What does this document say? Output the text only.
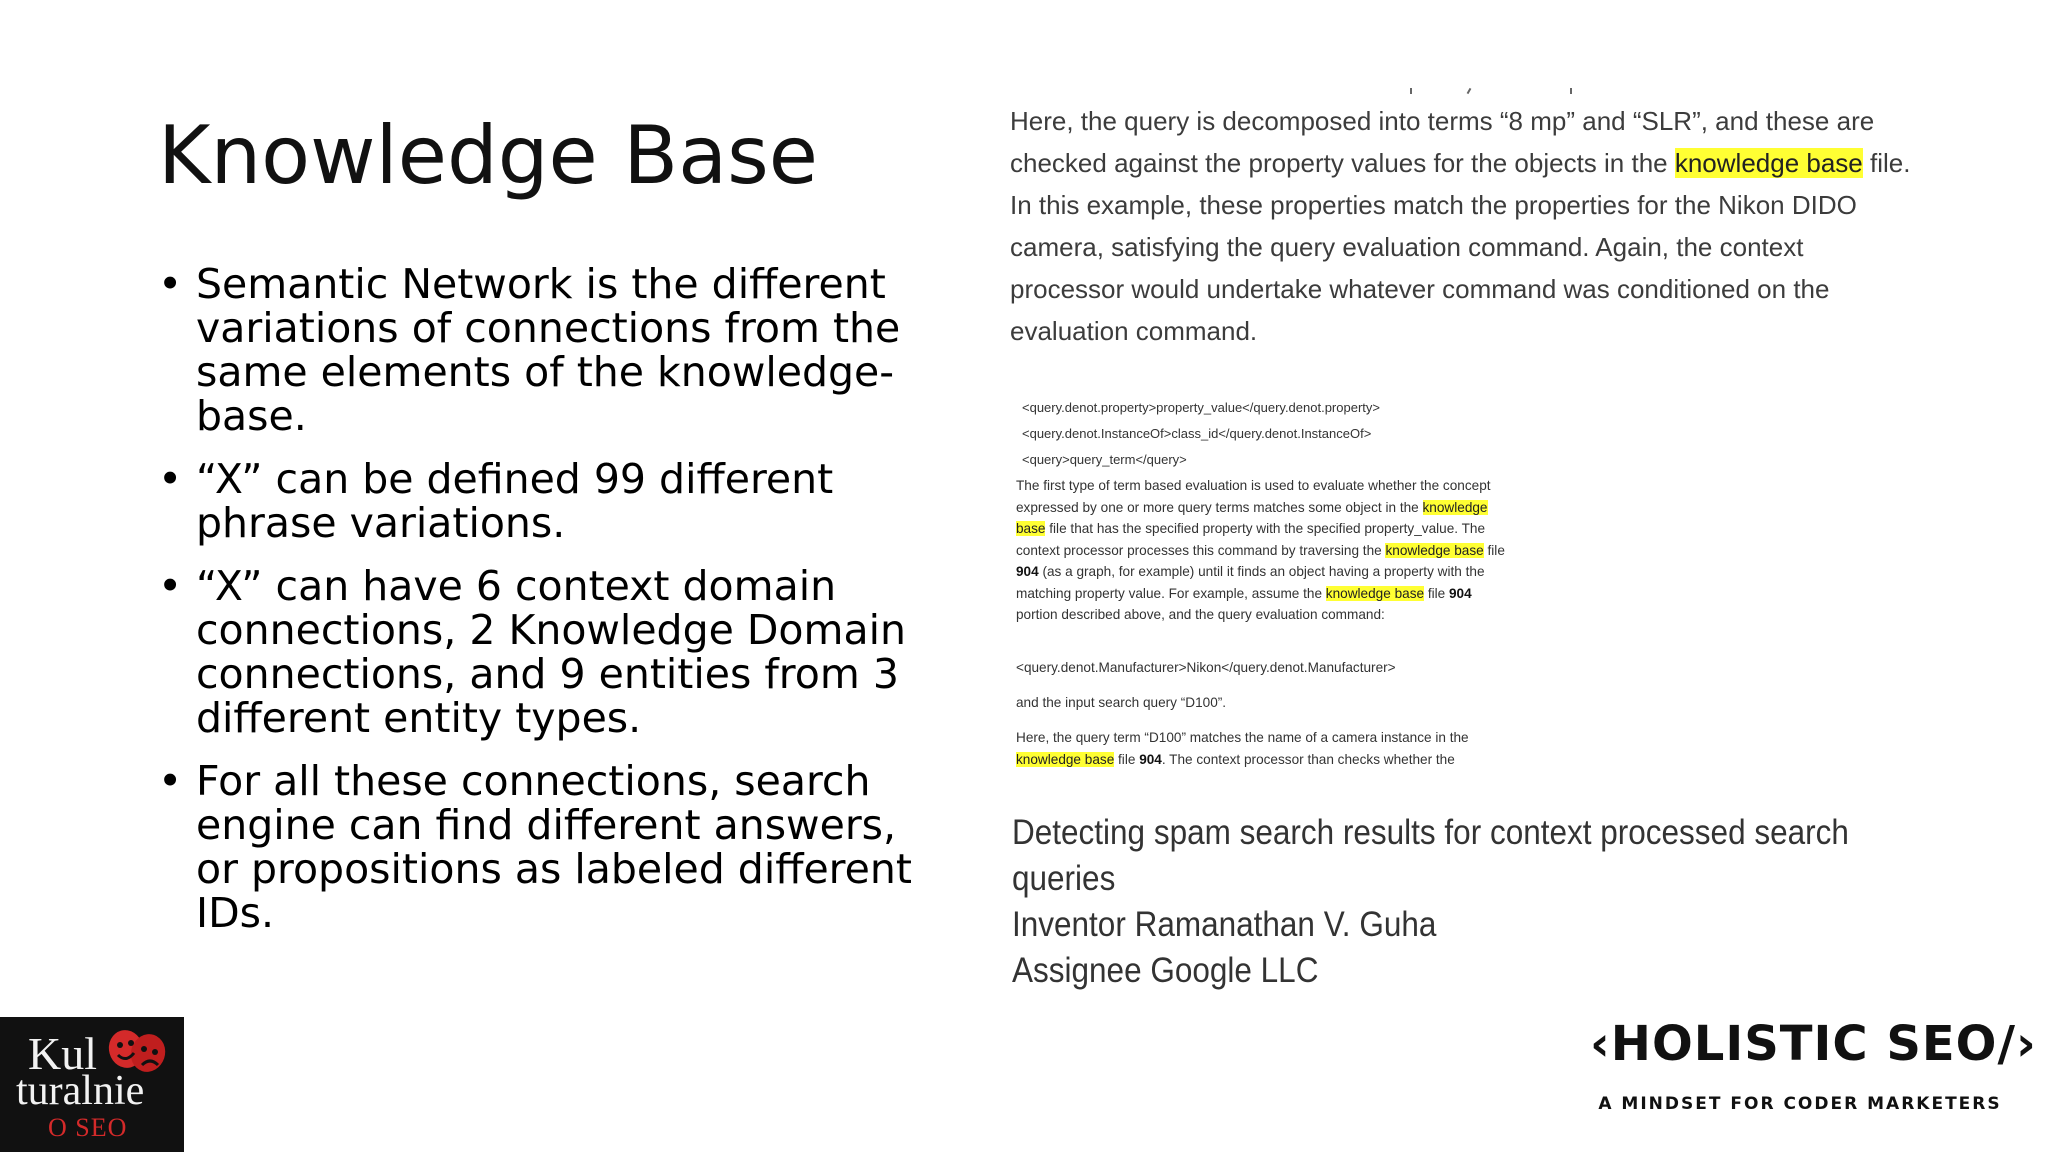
Knowledge Base
• Semantic Network is the different variations of connections from the same elements of the knowledge-base.
• “X” can be defined 99 different phrase variations.
• “X” can have 6 context domain connections, 2 Knowledge Domain connections, and 9 entities from 3 different entity types.
• For all these connections, search engine can find different answers, or propositions as labeled different IDs.
Here, the query is decomposed into terms “8 mp” and “SLR”, and these are checked against the property values for the objects in the knowledge base file. In this example, these properties match the properties for the Nikon DIDO camera, satisfying the query evaluation command. Again, the context processor would undertake whatever command was conditioned on the evaluation command.
<query.denot.property>property_value</query.denot.property>
<query.denot.InstanceOf>class_id</query.denot.InstanceOf>
<query>query_term</query>
The first type of term based evaluation is used to evaluate whether the concept expressed by one or more query terms matches some object in the knowledge base file that has the specified property with the specified property_value. The context processor processes this command by traversing the knowledge base file 904 (as a graph, for example) until it finds an object having a property with the matching property value. For example, assume the knowledge base file 904 portion described above, and the query evaluation command:
<query.denot.Manufacturer>Nikon</query.denot.Manufacturer>
and the input search query “D100”.
Here, the query term “D100” matches the name of a camera instance in the knowledge base file 904. The context processor than checks whether the
Detecting spam search results for context processed search queries
Inventor Ramanathan V. Guha
Assignee Google LLC
Kul
turalnie
O SEO
‹HOLISTIC SEO/›
A MINDSET FOR CODER MARKETERS
